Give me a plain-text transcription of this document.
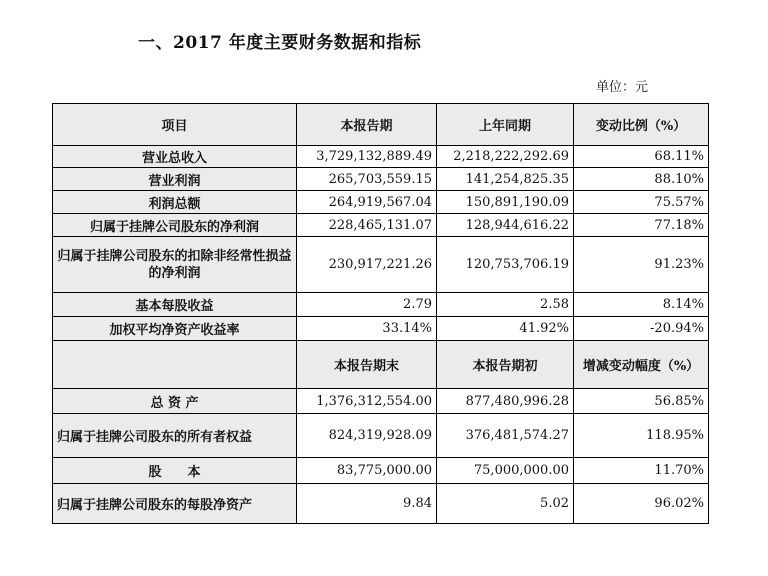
一、2017 年度主要财务数据和指标
单位：元
项目	本报告期	上年同期	变动比例（%）
营业总收入	3,729,132,889.49	2,218,222,292.69	68.11%
营业利润	265,703,559.15	141,254,825.35	88.10%
利润总额	264,919,567.04	150,891,190.09	75.57%
归属于挂牌公司股东的净利润	228,465,131.07	128,944,616.22	77.18%
归属于挂牌公司股东的扣除非经常性损益的净利润	230,917,221.26	120,753,706.19	91.23%
基本每股收益	2.79	2.58	8.14%
加权平均净资产收益率	33.14%	41.92%	-20.94%
	本报告期末	本报告期初	增减变动幅度（%）
总 资 产	1,376,312,554.00	877,480,996.28	56.85%
归属于挂牌公司股东的所有者权益	824,319,928.09	376,481,574.27	118.95%
股　　本	83,775,000.00	75,000,000.00	11.70%
归属于挂牌公司股东的每股净资产	9.84	5.02	96.02%
